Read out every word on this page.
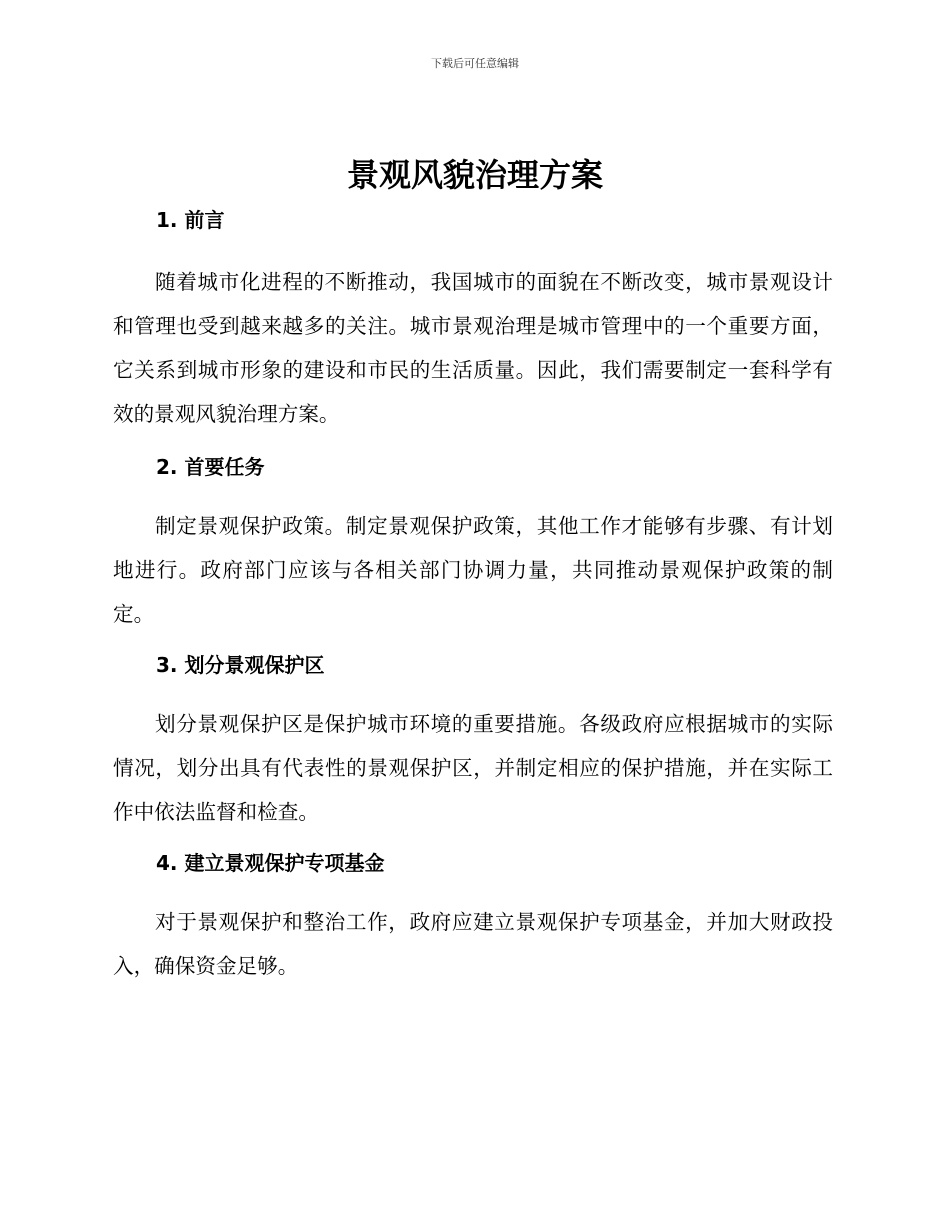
下载后可任意编辑
景观风貌治理方案
1. 前言

随着城市化进程的不断推动，我国城市的面貌在不断改变，城市景观设计和管理也受到越来越多的关注。城市景观治理是城市管理中的一个重要方面，它关系到城市形象的建设和市民的生活质量。因此，我们需要制定一套科学有效的景观风貌治理方案。

2. 首要任务

制定景观保护政策。制定景观保护政策，其他工作才能够有步骤、有计划地进行。政府部门应该与各相关部门协调力量，共同推动景观保护政策的制定。

3. 划分景观保护区

划分景观保护区是保护城市环境的重要措施。各级政府应根据城市的实际情况，划分出具有代表性的景观保护区，并制定相应的保护措施，并在实际工作中依法监督和检查。

4. 建立景观保护专项基金

对于景观保护和整治工作，政府应建立景观保护专项基金，并加大财政投入，确保资金足够。
